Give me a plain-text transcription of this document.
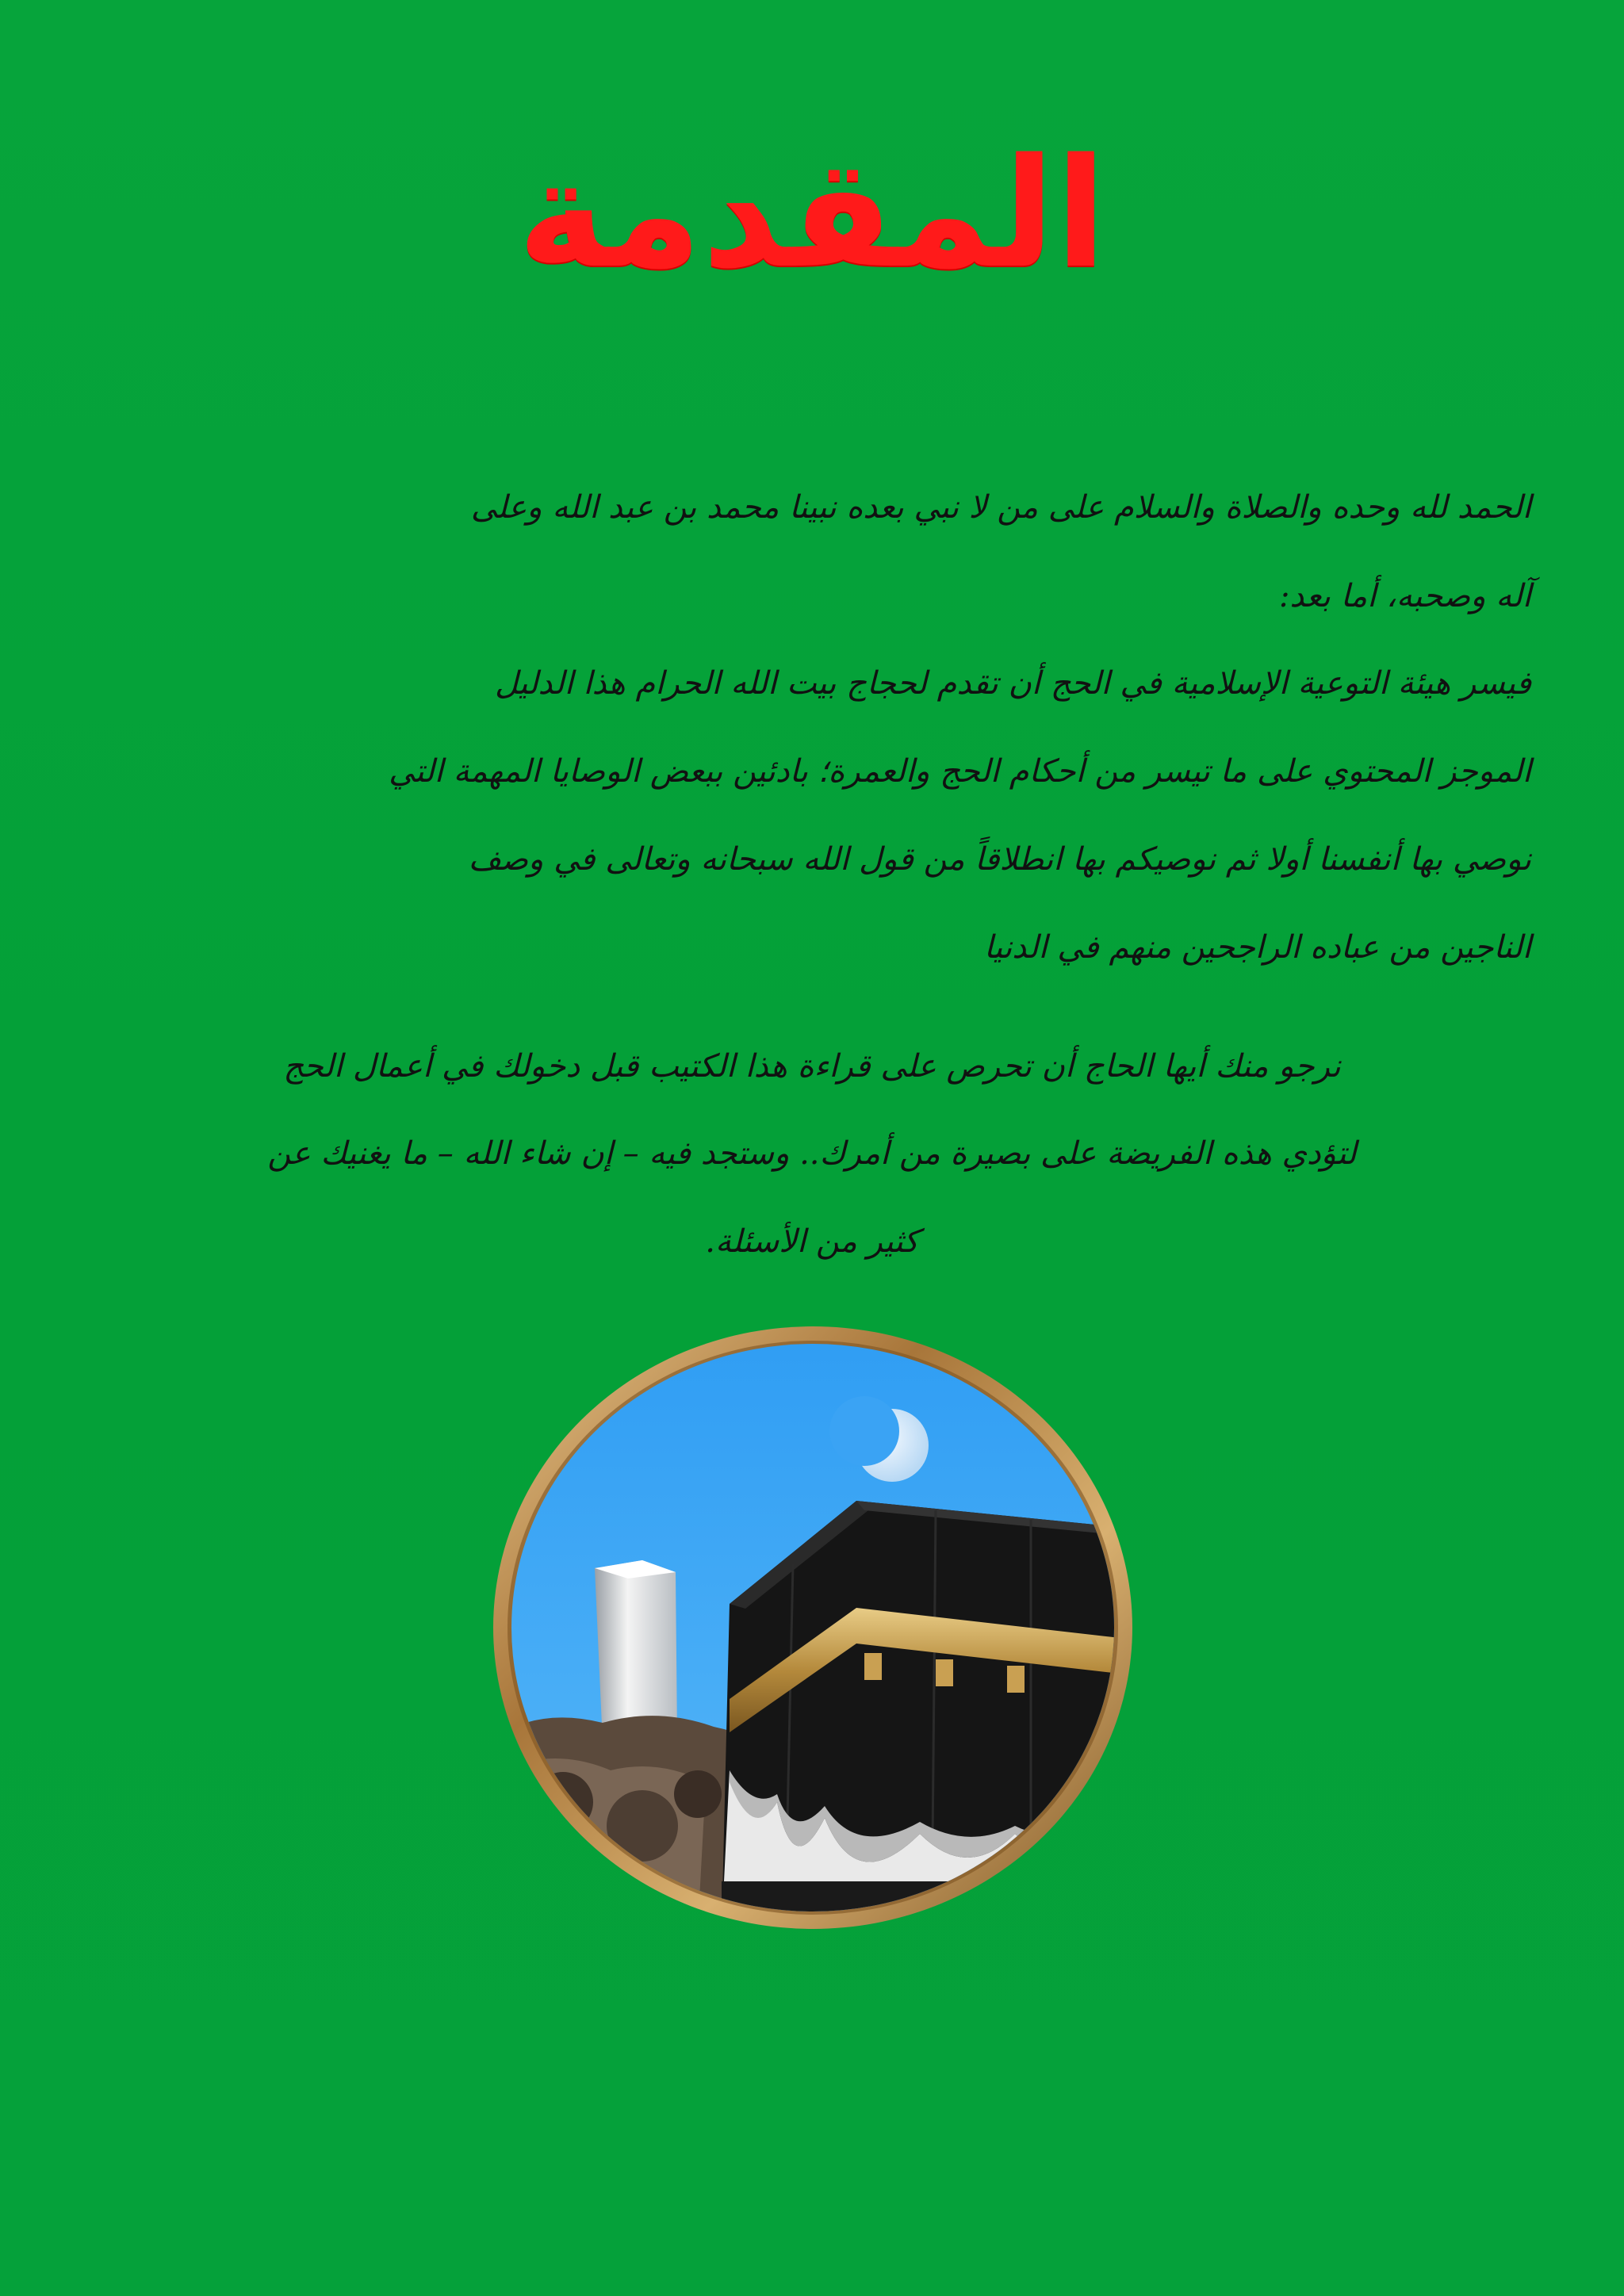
المقدمة
الحمد لله وحده والصلاة والسلام على من لا نبي بعده نبينا محمد بن عبد الله وعلى
آله وصحبه، أما بعد:
فيسر هيئة التوعية الإسلامية في الحج أن تقدم لحجاج بيت الله الحرام هذا الدليل
الموجز المحتوي على ما تيسر من أحكام الحج والعمرة؛ بادئين ببعض الوصايا المهمة التي
نوصي بها أنفسنا أولا ثم نوصيكم بها انطلاقاً من قول الله سبحانه وتعالى في وصف
الناجين من عباده الراجحين منهم في الدنيا
نرجو منك أيها الحاج أن تحرص على قراءة هذا الكتيب قبل دخولك في أعمال الحج
لتؤدي هذه الفريضة على بصيرة من أمرك.. وستجد فيه – إن شاء الله – ما يغنيك عن
كثير من الأسئلة.
